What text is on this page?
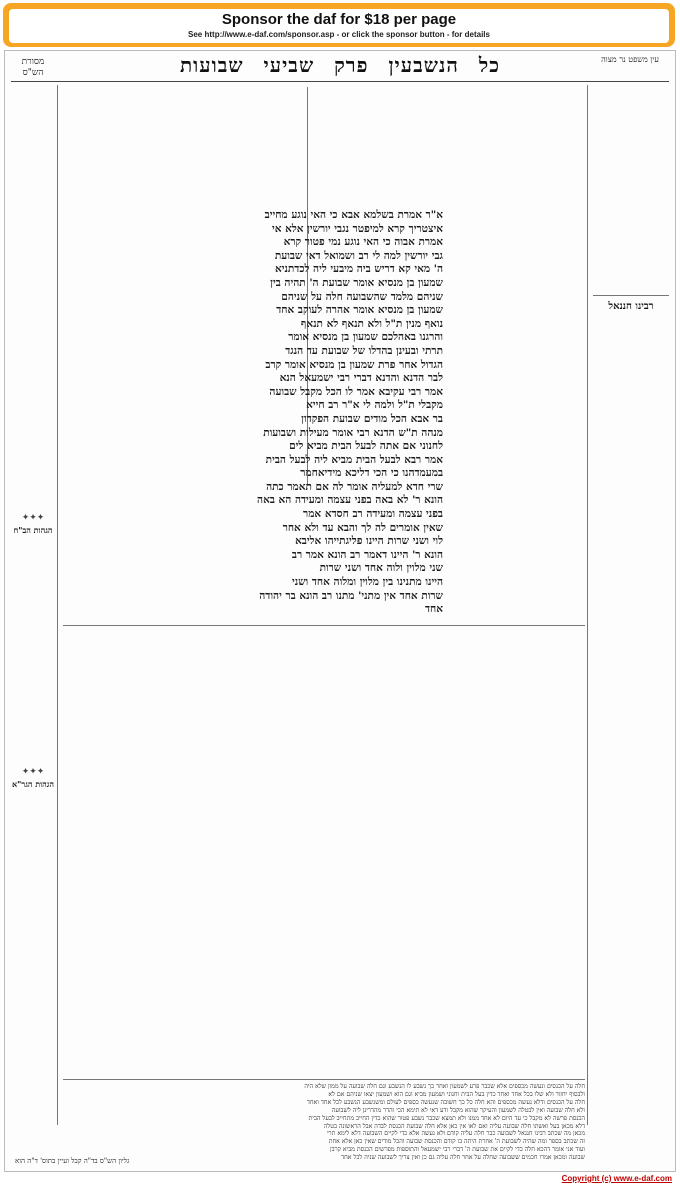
Sponsor the daf for $18 per page
See http://www.e-daf.com/sponsor.asp - or click the sponsor button - for details
עין משפט נר מצוה
מסורת הש"ס	כל הנשבעין פרק שביעי שבועות

רבינו חננאל
✦✦✦
הגהות הב"ח
✦✦✦
הגהות הגר"א
א"ר אמרת בשלמא אבא כי האי נוגע מחייב
איצטריך קרא למיפטר נגבי יורשין אלא אי
אמרת אבוה כי האי נוגע נמי פטור קרא
גבי יורשין למה לי רב ושמואל דאי שבועת
ה' מאי קא דריש ביה מיבעי ליה לכדתניא
שמעון בן מנסיא אומר שבועת ה' תהיה בין
שניהם מלמד שהשבועה חלה על שניהם
שמעון בן מנסיא אומר אהרה לעוקב אחד
נואף מנין ת"ל ולא תנאף לא תנאף
והרגנו באהלכם שמעון בן מנסיא אומר
תרתי ובעינן בהדלו של שבועת עד הנגד
הגדול אחר פרת שמעון בן מנסיא אומר קרב
לבר הדנא והדנא דברי רבי ישמעאל הנא
אמר רבי עקיבא אמר לו הכל מקבל שבועה
מקבלי ת"ל ולמה לי א"ר רב חייא
בר אבא הכל מודים שבועת הפקדון
מנהה ת"ש הדנא רבי אומר מעילות ושבועות
לחנוני אם אתה לבעל הבית מביא לים
אמר רבא לבעל הבית מביא ליה לבעל הבית
במעמדהנו כי הכי דליכא מידיאחמר
שרי חדא למעליה אומר לה אם תאמר כתה
הונא ר' לא באה בפני עצמה ומעידה הא באה
בפני עצמה ומעידה רב חסדא אמר
שאין אומרים לה לך והבא עד ולא אחר
לוי ושני שרות היינו פליגתייהו אליבא
הונא ר' היינו דאמר רב הונא אמר רב
שני מלוין ולוה אחד ושני שרות
היינו מתנינו בין מלוין ומלוה אחד ושני
שרות אחד אין מתני' מתנו רב הונא בר יהודה
אחד
חלה על הכנסים ונעשה מכספים אלא שכבר פרע לשמעון ואחר כך נשבע לו הנשבע וגם חלה שבועה על ממון שלא היה
ולבסוף יחזור ולא שלו בכל אחד ואחד כדין בעל הבית וחנוני ושמעון מביא וגם הוא ושמעון יצאו שניהם אם לא
חלה על הכנסים ודלא נעשה מכספים והא חלה כל כך חשובה שנעשה כספים לעולם ומשנשבע הנשבע לכל אחד ואחד
ולא חלה שבועה ואין לבטלה לשמעון והעיקר שהוא מקבל ודע דאי לא תימא הכי והדר מהדרינן ליה לשבועה
הכנסת פרשה לא מקבל כי עד היום לא אחד ממנו ולא תמצא שכבר נשבע פטור שהוא כדין החייב מתחייב לבעל הבית
דלא מכאן בעל ואשתו חלה שבועה עליה ואם לאו אין כאן אלא חלה שבועת הכנסת לבדה אבל הראשונה בטלה
מכאן מה שכתב רבינו חננאל לשבועה כבר חלה עליה קודם ולא נעשה אלא כדי לקיים השבועה דלא לימא תרי
זה שכתב בספר ומה שהיה לשבועת ה' אחרת היתה בו קודם והכנסת שבועה והכל מודים שאין כאן אלא אחת
ועוד אני אומר דהכא חלה כדי לקיים את שבועת ה' דברי רבי ישמעאל והתוספות מפרשים הכנסת מביא קרבן
שבועה ומכאן אמרו חכמים ששבועה שחלה על אחר חלה עליה גם כן ואין צריך לשבועה שניה לכל אחד
גליון הש"ס בד"ה קבל ועיין בתוס' ד"ה הוא
Copyright (c) www.e-daf.com
